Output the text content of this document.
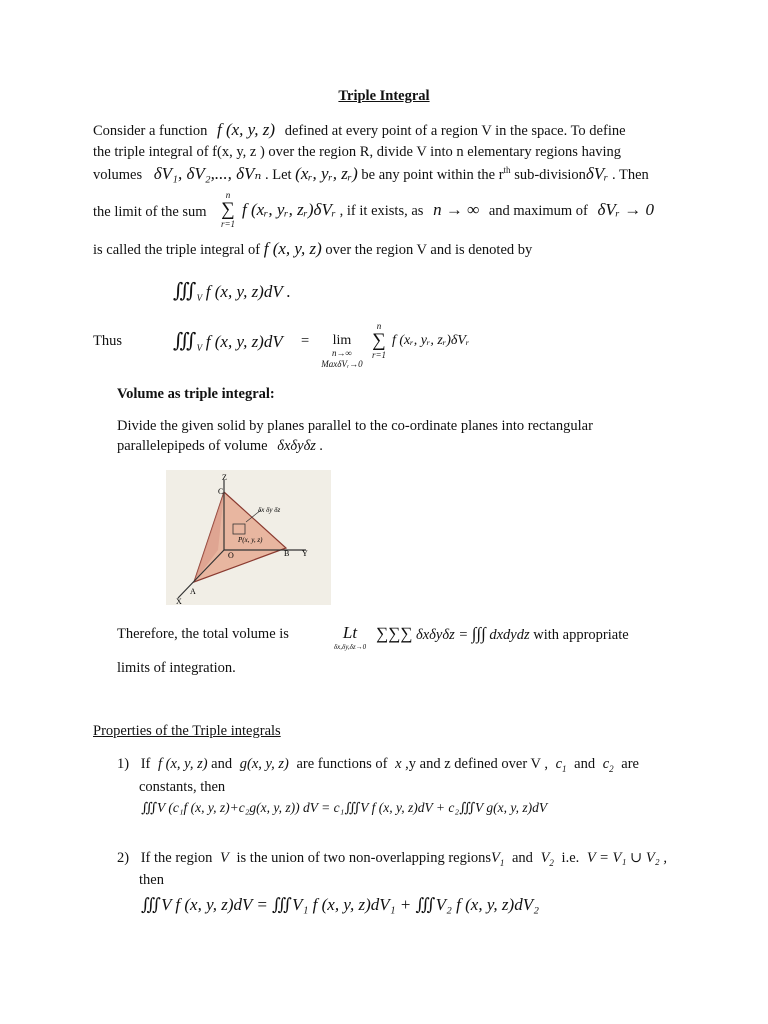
Triple Integral
Consider a function f (x, y, z) defined at every point of a region V in the space. To define
the triple integral of f(x, y, z ) over the region R, divide V into n elementary regions having
volumes δV₁, δV₂,..., δVₙ . Let (xᵣ, yᵣ, zᵣ) be any point within the $r^{th}$ sub-divisionδVᵣ . Then
the limit of the sum
n
∑
r=1
f (xᵣ, yᵣ, zᵣ)δVᵣ , if it exists, as n → ∞ and maximum of δVᵣ → 0
is called the triple integral of f (x, y, z) over the region V and is denoted by
$∭_V$ f (x, y, z)dV .
Thus	$∭_V$ f (x, y, z)dV =	lim
n→∞
MaxδVᵣ→0
n
∑
r=1
f (xᵣ, yᵣ, zᵣ)δVᵣ
Volume as triple integral:
Divide the given solid by planes parallel to the co-ordinate planes into rectangular
parallelepipeds of volume δxδyδz .
Z
C
O	B Y
A
X
δx δy δz
P(x, y, z)
Therefore, the total volume is	Lt
δx,δy,δz→0
∑∑∑ δxδyδz = ∫∫∫ dxdydz with appropriate
limits of integration.
Properties of the Triple integrals
1) If f (x, y, z) and g(x, y, z) are functions of x ,y and z defined over V , $c_1$ and $c_2$ are
constants, then
∭V (c₁f (x, y, z)+c₂g(x, y, z)) dV = c₁∭V f (x, y, z)dV + c₂∭V g(x, y, z)dV
2) If the region V is the union of two non-overlapping regionsV$_1$ and $V_2$ i.e. V = V₁ ∪ V₂ ,
then
∭V f (x, y, z)dV = ∭V₁ f (x, y, z)dV₁ + ∭V₂ f (x, y, z)dV₂
